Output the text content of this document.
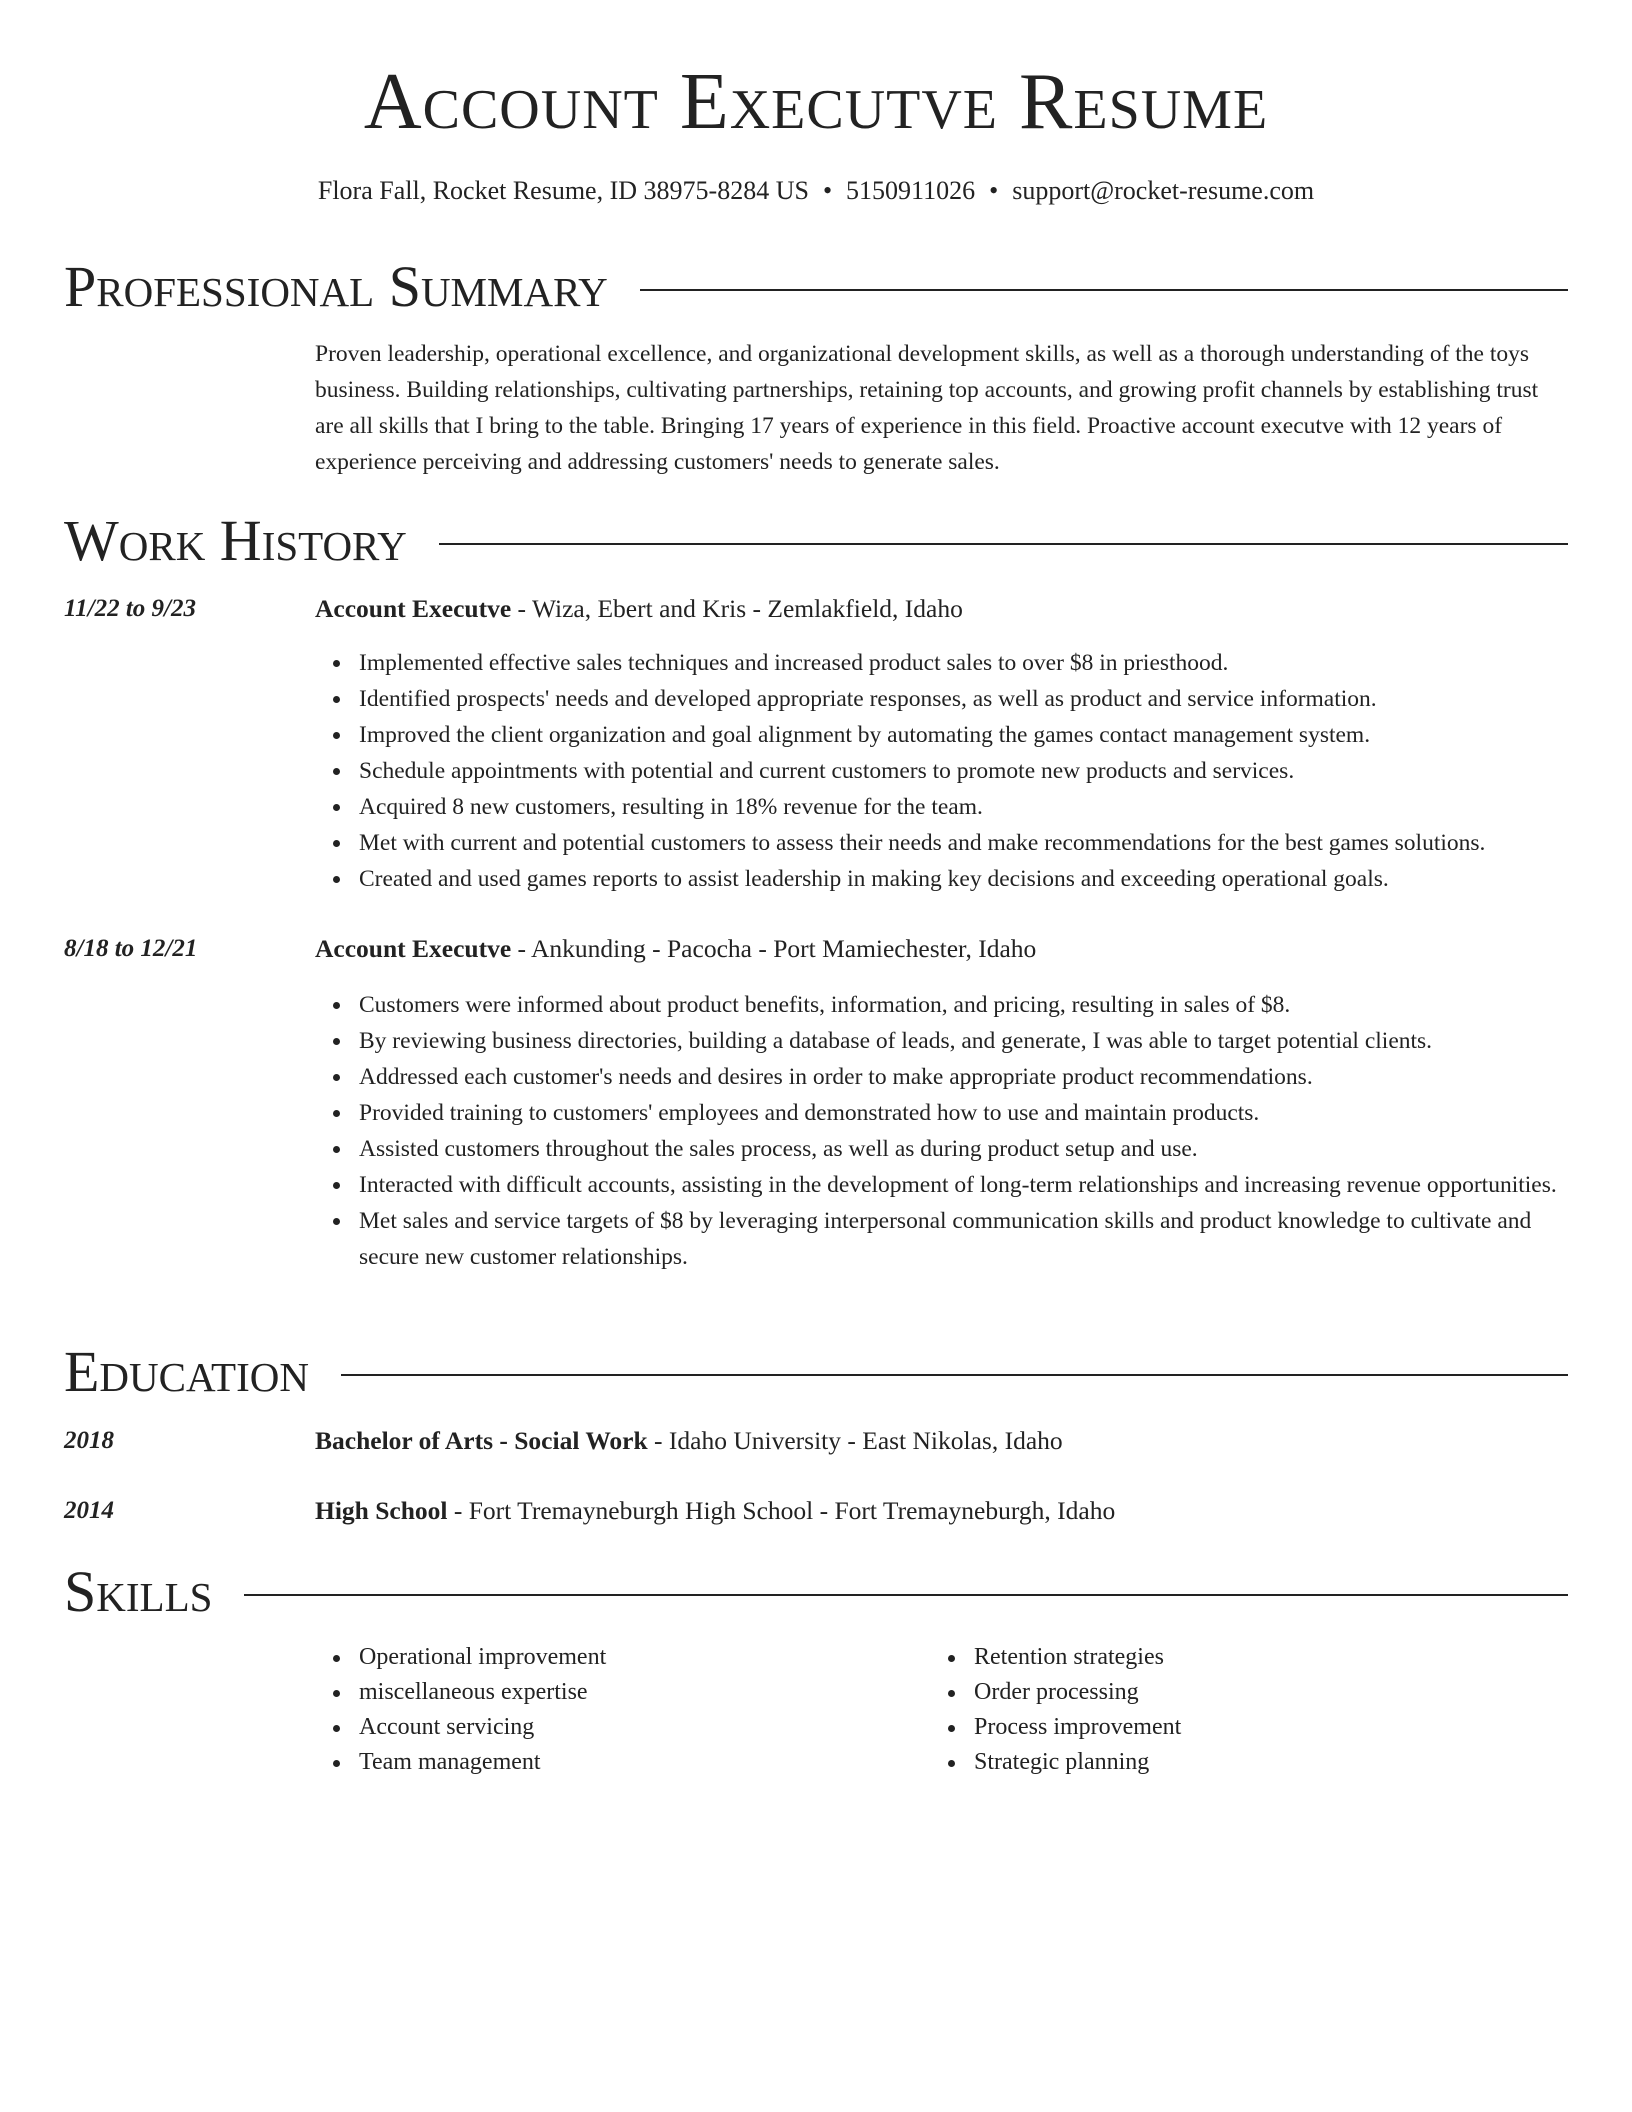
Account Executve Resume
Flora Fall, Rocket Resume, ID 38975-8284 US • 5150911026 • support@rocket-resume.com
Professional Summary
Proven leadership, operational excellence, and organizational development skills, as well as a thorough understanding of the toys business. Building relationships, cultivating partnerships, retaining top accounts, and growing profit channels by establishing trust are all skills that I bring to the table. Bringing 17 years of experience in this field. Proactive account executve with 12 years of experience perceiving and addressing customers' needs to generate sales.
Work History
11/22 to 9/23	Account Executve - Wiza, Ebert and Kris - Zemlakfield, Idaho
Implemented effective sales techniques and increased product sales to over $8 in priesthood.
Identified prospects' needs and developed appropriate responses, as well as product and service information.
Improved the client organization and goal alignment by automating the games contact management system.
Schedule appointments with potential and current customers to promote new products and services.
Acquired 8 new customers, resulting in 18% revenue for the team.
Met with current and potential customers to assess their needs and make recommendations for the best games solutions.
Created and used games reports to assist leadership in making key decisions and exceeding operational goals.
8/18 to 12/21	Account Executve - Ankunding - Pacocha - Port Mamiechester, Idaho
Customers were informed about product benefits, information, and pricing, resulting in sales of $8.
By reviewing business directories, building a database of leads, and generate, I was able to target potential clients.
Addressed each customer's needs and desires in order to make appropriate product recommendations.
Provided training to customers' employees and demonstrated how to use and maintain products.
Assisted customers throughout the sales process, as well as during product setup and use.
Interacted with difficult accounts, assisting in the development of long-term relationships and increasing revenue opportunities.
Met sales and service targets of $8 by leveraging interpersonal communication skills and product knowledge to cultivate and secure new customer relationships.
Education
2018	Bachelor of Arts - Social Work - Idaho University - East Nikolas, Idaho
2014	High School - Fort Tremayneburgh High School - Fort Tremayneburgh, Idaho
Skills
Operational improvement
miscellaneous expertise
Account servicing
Team management
Retention strategies
Order processing
Process improvement
Strategic planning
